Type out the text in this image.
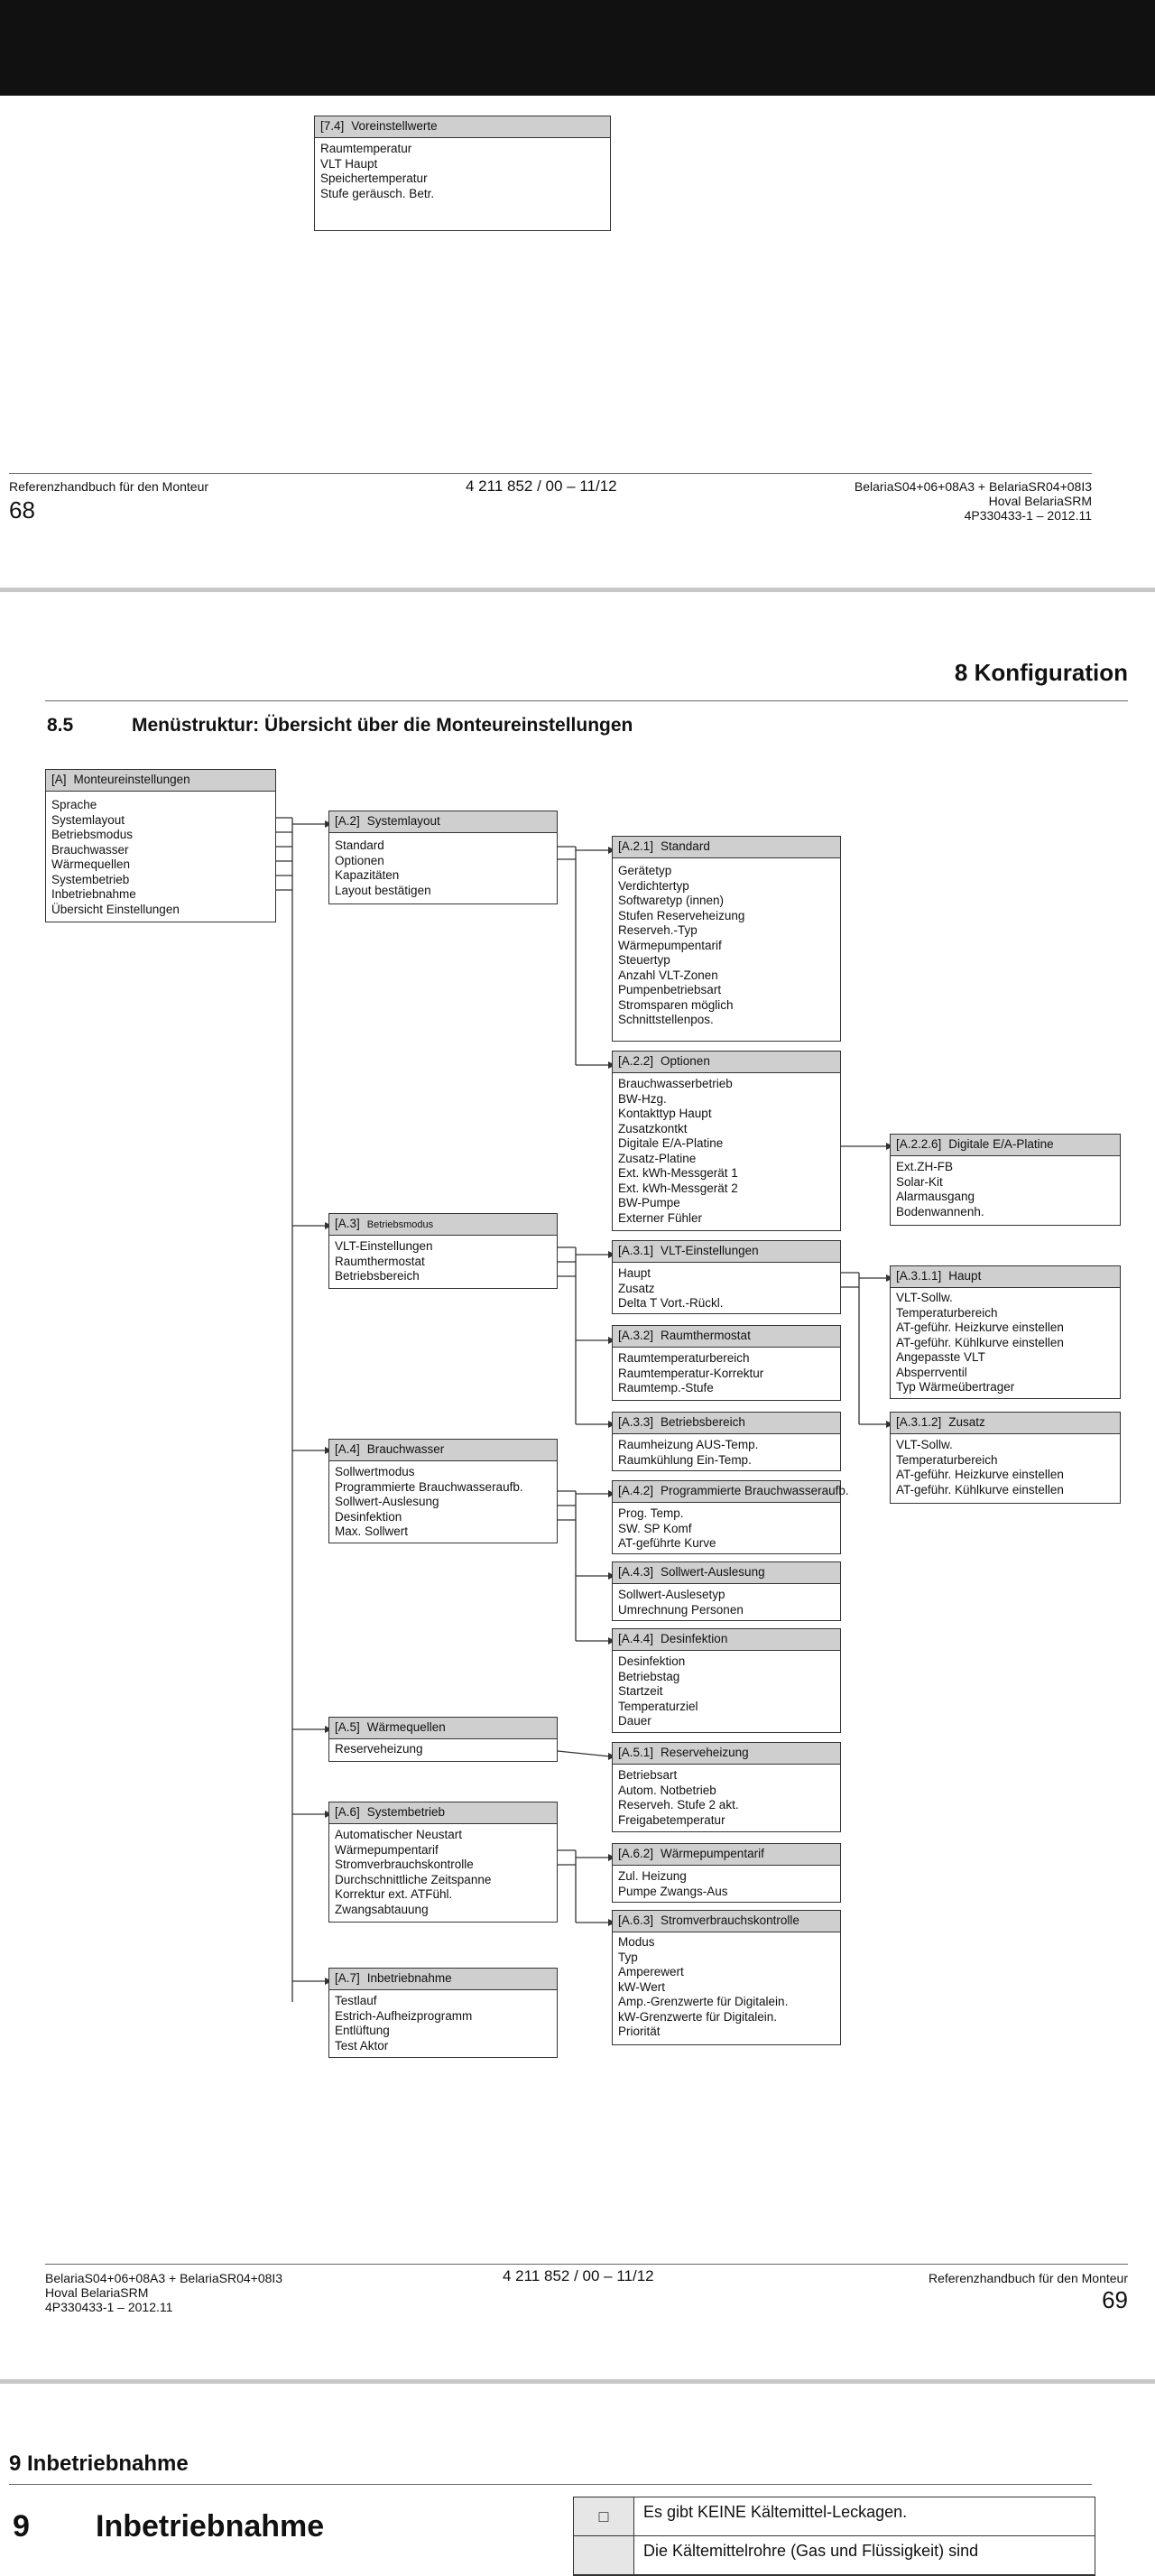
[7.4] Voreinstellwerte
Raumtemperatur
VLT Haupt
Speichertemperatur
Stufe geräusch. Betr.
Referenzhandbuch für den Monteur
68
4 211 852 / 00 – 11/12	BelariaS04+06+08A3 + BelariaSR04+08I3
Hoval BelariaSRM
4P330433-1 – 2012.11
8 Konfiguration
8.5	Menüstruktur: Übersicht über die Monteureinstellungen
[A] Monteureinstellungen
Sprache
Systemlayout
Betriebsmodus
Brauchwasser
Wärmequellen
Systembetrieb
Inbetriebnahme
Übersicht Einstellungen
[A.2] Systemlayout
Standard
Optionen
Kapazitäten
Layout bestätigen
[A.2.1] Standard
Gerätetyp
Verdichtertyp
Softwaretyp (innen)
Stufen Reserveheizung
Reserveh.-Typ
Wärmepumpentarif
Steuertyp
Anzahl VLT-Zonen
Pumpenbetriebsart
Stromsparen möglich
Schnittstellenpos.
[A.2.2] Optionen
Brauchwasserbetrieb
BW-Hzg.
Kontakttyp Haupt
Zusatzkontkt
Digitale E/A-Platine
Zusatz-Platine
Ext. kWh-Messgerät 1
Ext. kWh-Messgerät 2
BW-Pumpe
Externer Fühler
[A.2.2.6] Digitale E/A-Platine
Ext.ZH-FB
Solar-Kit
Alarmausgang
Bodenwannenh.
[A.3] Betriebsmodus
VLT-Einstellungen
Raumthermostat
Betriebsbereich
[A.3.1] VLT-Einstellungen
Haupt
Zusatz
Delta T Vort.-Rückl.
[A.3.1.1] Haupt
VLT-Sollw.
Temperaturbereich
AT-geführ. Heizkurve einstellen
AT-geführ. Kühlkurve einstellen
Angepasste VLT
Absperrventil
Typ Wärmeübertrager
[A.3.1.2] Zusatz
VLT-Sollw.
Temperaturbereich
AT-geführ. Heizkurve einstellen
AT-geführ. Kühlkurve einstellen
[A.3.2] Raumthermostat
Raumtemperaturbereich
Raumtemperatur-Korrektur
Raumtemp.-Stufe
[A.3.3] Betriebsbereich
Raumheizung AUS-Temp.
Raumkühlung Ein-Temp.
[A.4] Brauchwasser
Sollwertmodus
Programmierte Brauchwasseraufb.
Sollwert-Auslesung
Desinfektion
Max. Sollwert
[A.4.2] Programmierte Brauchwasseraufb.
Prog. Temp.
SW. SP Komf
AT-geführte Kurve
[A.4.3] Sollwert-Auslesung
Sollwert-Auslesetyp
Umrechnung Personen
[A.4.4] Desinfektion
Desinfektion
Betriebstag
Startzeit
Temperaturziel
Dauer
[A.5] Wärmequellen
Reserveheizung	[A.5.1] Reserveheizung
Betriebsart
Autom. Notbetrieb
Reserveh. Stufe 2 akt.
Freigabetemperatur
[A.6] Systembetrieb
Automatischer Neustart
Wärmepumpentarif
Stromverbrauchskontrolle
Durchschnittliche Zeitspanne
Korrektur ext. ATFühl.
Zwangsabtauung
[A.6.2] Wärmepumpentarif
Zul. Heizung
Pumpe Zwangs-Aus
[A.6.3] Stromverbrauchskontrolle
Modus
Typ
Amperewert
kW-Wert
Amp.-Grenzwerte für Digitalein.
kW-Grenzwerte für Digitalein.
Priorität
[A.7] Inbetriebnahme
Testlauf
Estrich-Aufheizprogramm
Entlüftung
Test Aktor
BelariaS04+06+08A3 + BelariaSR04+08I3
Hoval BelariaSRM
4P330433-1 – 2012.11
4 211 852 / 00 – 11/12	Referenzhandbuch für den Monteur
69
9 Inbetriebnahme
9 Inbetriebnahme	□	Es gibt KEINE Kältemittel-Leckagen.
Die Kältemittelrohre (Gas und Flüssigkeit) sind
